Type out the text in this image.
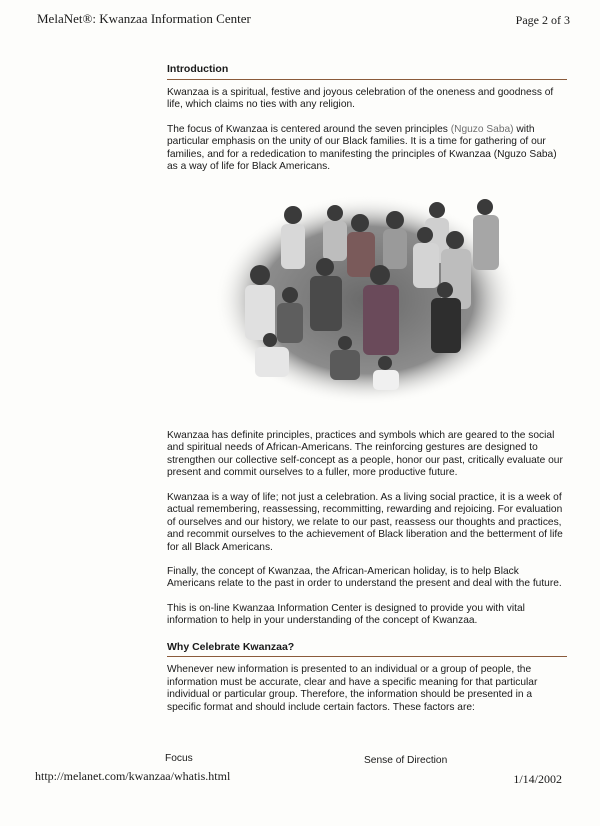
MelaNet®: Kwanzaa Information Center	Page 2 of 3
Introduction

Kwanzaa is a spiritual, festive and joyous celebration of the oneness and goodness of life, which claims no ties with any religion.

The focus of Kwanzaa is centered around the seven principles (Nguzo Saba) with particular emphasis on the unity of our Black families. It is a time for gathering of our families, and for a rededication to manifesting the principles of Kwanzaa (Nguzo Saba) as a way of life for Black Americans.

Kwanzaa has definite principles, practices and symbols which are geared to the social and spiritual needs of African-Americans. The reinforcing gestures are designed to strengthen our collective self-concept as a people, honor our past, critically evaluate our present and commit ourselves to a fuller, more productive future.

Kwanzaa is a way of life; not just a celebration. As a living social practice, it is a week of actual remembering, reassessing, recommitting, rewarding and rejoicing. For evaluation of ourselves and our history, we relate to our past, reassess our thoughts and practices, and recommit ourselves to the achievement of Black liberation and the betterment of life for all Black Americans.

Finally, the concept of Kwanzaa, the African-American holiday, is to help Black Americans relate to the past in order to understand the present and deal with the future.

This is on-line Kwanzaa Information Center is designed to provide you with vital information to help in your understanding of the concept of Kwanzaa.

Why Celebrate Kwanzaa?

Whenever new information is presented to an individual or a group of people, the information must be accurate, clear and have a specific meaning for that particular individual or particular group. Therefore, the information should be presented in a specific format and should include certain factors. These factors are:

Focus	Sense of Direction
http://melanet.com/kwanzaa/whatis.html	1/14/2002
